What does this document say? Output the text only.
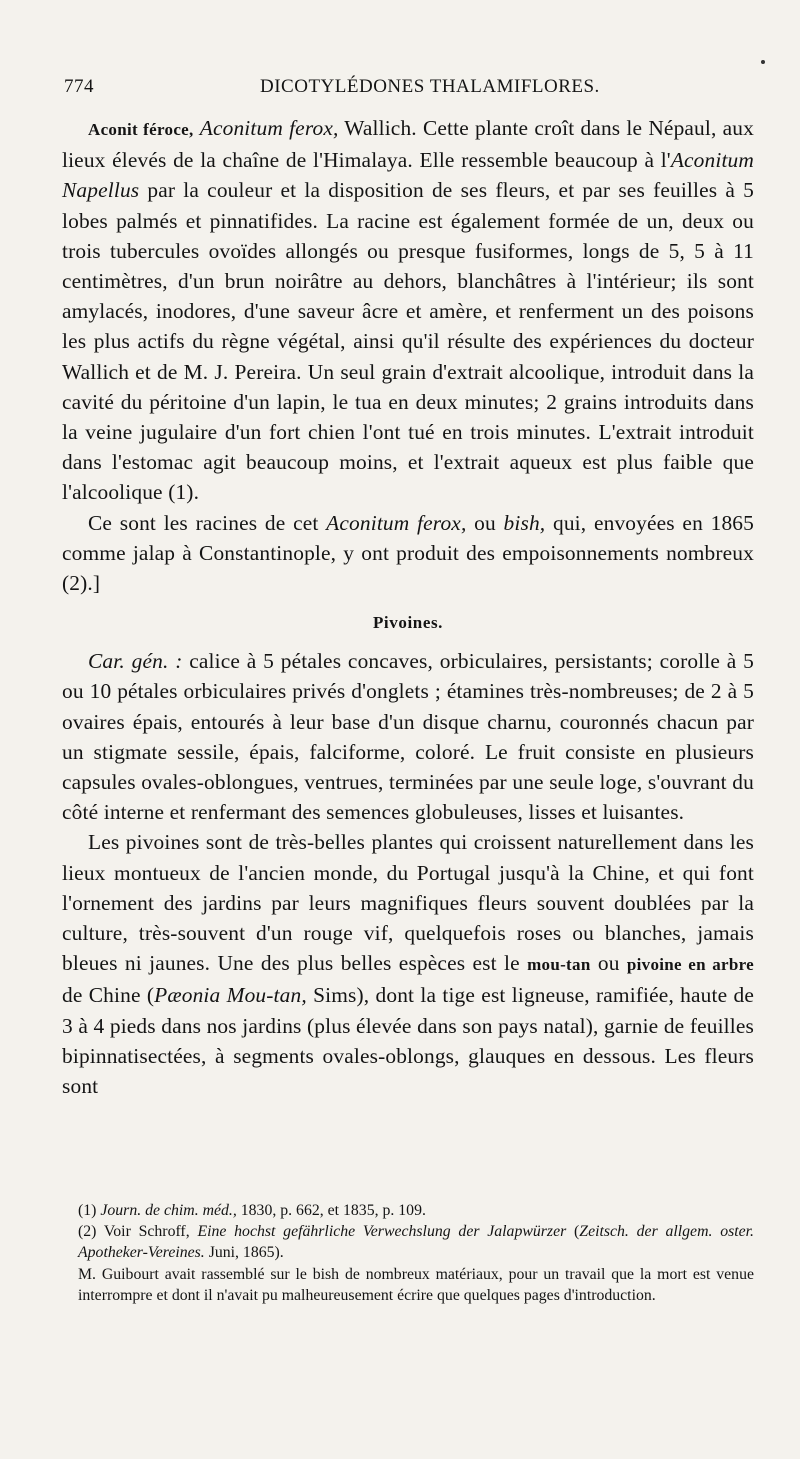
774	DICOTYLÉDONES THALAMIFLORES.

Aconit féroce, Aconitum ferox, Wallich. Cette plante croît dans le Népaul, aux lieux élevés de la chaîne de l'Himalaya. Elle ressemble beaucoup à l'Aconitum Napellus par la couleur et la disposition de ses fleurs, et par ses feuilles à 5 lobes palmés et pinnatifides. La racine est également formée de un, deux ou trois tubercules ovoïdes allongés ou presque fusiformes, longs de 5, 5 à 11 centimètres, d'un brun noirâtre au dehors, blanchâtres à l'intérieur; ils sont amylacés, inodores, d'une saveur âcre et amère, et renferment un des poisons les plus actifs du règne végétal, ainsi qu'il résulte des expériences du docteur Wallich et de M. J. Pereira. Un seul grain d'extrait alcoolique, introduit dans la cavité du péritoine d'un lapin, le tua en deux minutes; 2 grains introduits dans la veine jugulaire d'un fort chien l'ont tué en trois minutes. L'extrait introduit dans l'estomac agit beaucoup moins, et l'extrait aqueux est plus faible que l'alcoolique (1).

Ce sont les racines de cet Aconitum ferox, ou bish, qui, envoyées en 1865 comme jalap à Constantinople, y ont produit des empoisonnements nombreux (2).]

Pivoines.

Car. gén. : calice à 5 pétales concaves, orbiculaires, persistants; corolle à 5 ou 10 pétales orbiculaires privés d'onglets ; étamines très-nombreuses; de 2 à 5 ovaires épais, entourés à leur base d'un disque charnu, couronnés chacun par un stigmate sessile, épais, falciforme, coloré. Le fruit consiste en plusieurs capsules ovales-oblongues, ventrues, terminées par une seule loge, s'ouvrant du côté interne et renfermant des semences globuleuses, lisses et luisantes.

Les pivoines sont de très-belles plantes qui croissent naturellement dans les lieux montueux de l'ancien monde, du Portugal jusqu'à la Chine, et qui font l'ornement des jardins par leurs magnifiques fleurs souvent doublées par la culture, très-souvent d'un rouge vif, quelquefois roses ou blanches, jamais bleues ni jaunes. Une des plus belles espèces est le mou-tan ou pivoine en arbre de Chine (Pæonia Mou-tan, Sims), dont la tige est ligneuse, ramifiée, haute de 3 à 4 pieds dans nos jardins (plus élevée dans son pays natal), garnie de feuilles bipinnatisectées, à segments ovales-oblongs, glauques en dessous. Les fleurs sont

(1) Journ. de chim. méd., 1830, p. 662, et 1835, p. 109.

(2) Voir Schroff, Eine hochst gefährliche Verwechslung der Jalapwürzer (Zeitsch. der allgem. oster. Apotheker-Vereines. Juni, 1865).

M. Guibourt avait rassemblé sur le bish de nombreux matériaux, pour un travail que la mort est venue interrompre et dont il n'avait pu malheureusement écrire que quelques pages d'introduction.
